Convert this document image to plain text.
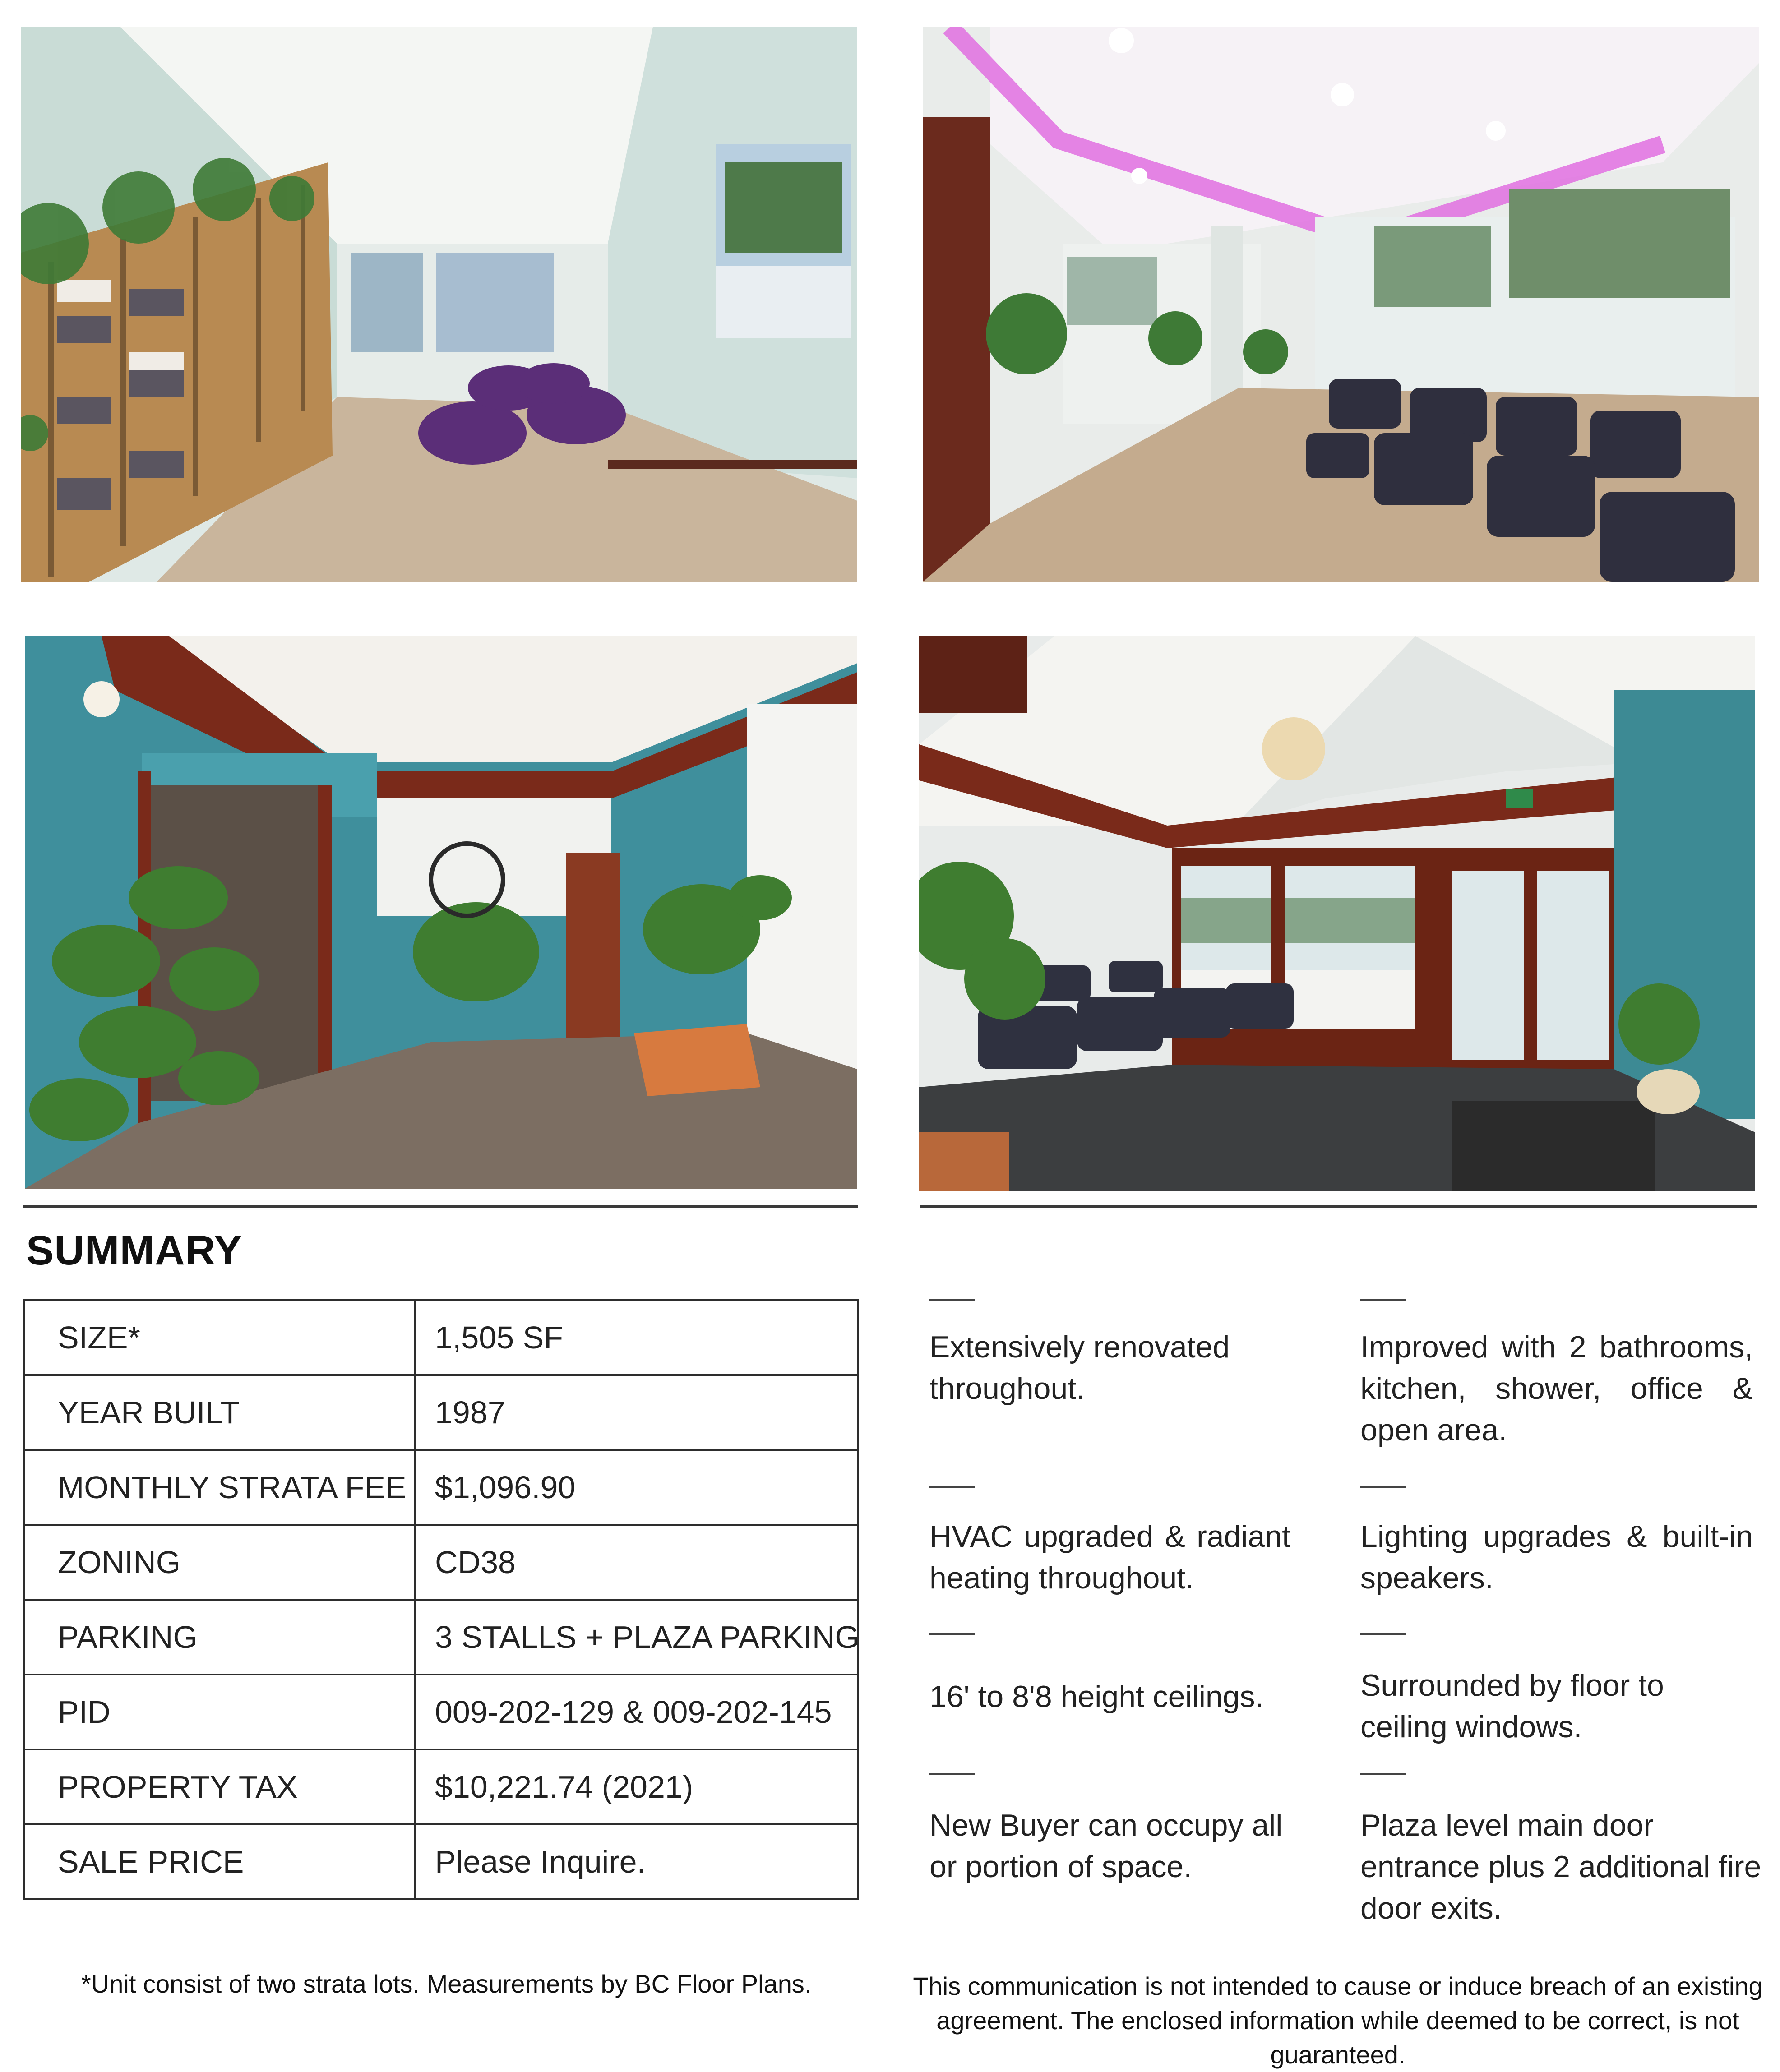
SUMMARY
SIZE*	1,505 SF
YEAR BUILT	1987
MONTHLY STRATA FEE	$1,096.90
ZONING	CD38
PARKING	3 STALLS + PLAZA PARKING
PID	009-202-129 & 009-202-145
PROPERTY TAX	$10,221.74 (2021)
SALE PRICE	Please Inquire.
Extensively renovated throughout.
Improved with 2 bathrooms, kitchen, shower, office & open area.
HVAC upgraded & radiant heating throughout.
Lighting upgrades & built-in speakers.
16' to 8'8 height ceilings.	Surrounded by floor to ceiling windows.
New Buyer can occupy all or portion of space.
Plaza level main door entrance plus 2 additional fire door exits.
*Unit consist of two strata lots. Measurements by BC Floor Plans.	This communication is not intended to cause or induce breach of an existing agreement. The enclosed information while deemed to be correct, is not guaranteed.
